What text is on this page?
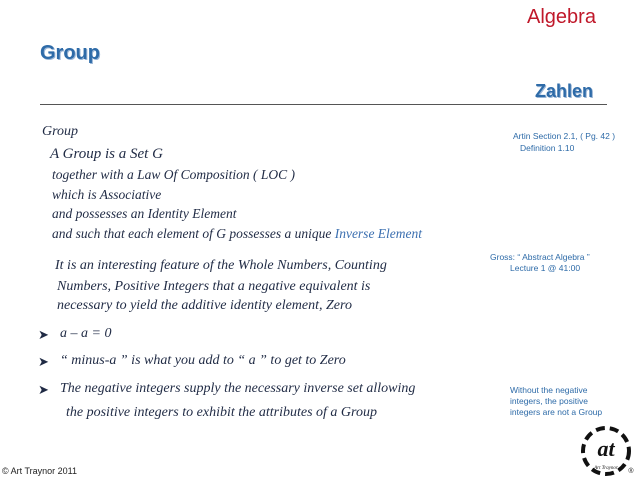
Algebra
Group
Zahlen
Group
A Group is a Set G
together with a Law Of Composition ( LOC )
which is Associative
and possesses an Identity Element
and such that each element of G possesses a unique Inverse Element
It is an interesting feature of the Whole Numbers, Counting
Numbers, Positive Integers that a negative equivalent is
necessary to yield the additive identity element, Zero
➤ a – a = 0
➤ “ minus-a ” is what you add to “ a ” to get to Zero
➤ The negative integers supply the necessary inverse set allowing
the positive integers to exhibit the attributes of a Group
Artin Section 2.1, ( Pg. 42 )
Definition 1.10
Gross: “ Abstract Algebra ”
Lecture 1 @ 41:00
Without the negative
integers, the positive
integers are not a Group
© Art Traynor 2011
at
Art Traynor ®
